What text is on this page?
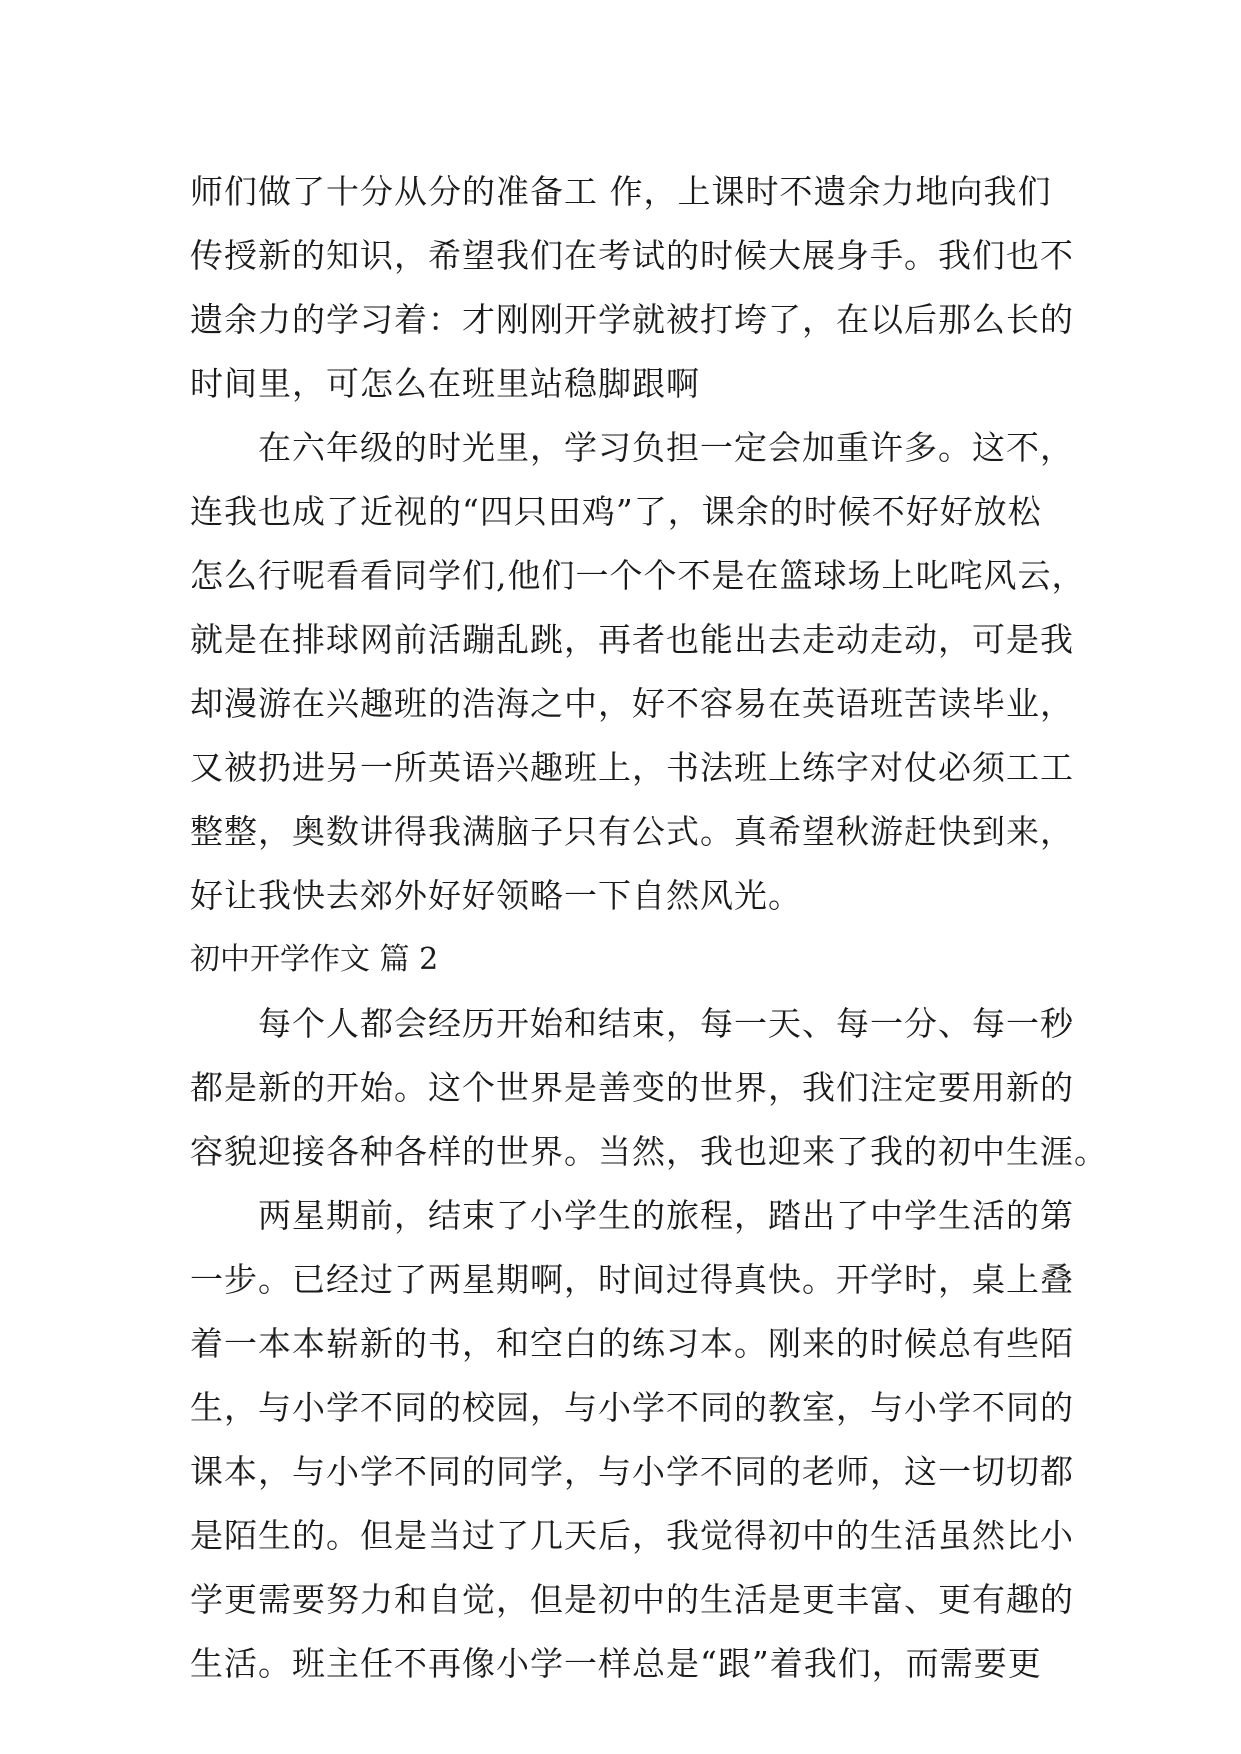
师们做了十分从分的准备工 作，上课时不遗余力地向我们
传授新的知识，希望我们在考试的时候大展身手。我们也不
遗余力的学习着：才刚刚开学就被打垮了，在以后那么长的
时间里，可怎么在班里站稳脚跟啊
在六年级的时光里，学习负担一定会加重许多。这不，
连我也成了近视的“四只田鸡”了，课余的时候不好好放松
怎么行呢看看同学们,他们一个个不是在篮球场上叱咤风云，
就是在排球网前活蹦乱跳，再者也能出去走动走动，可是我
却漫游在兴趣班的浩海之中，好不容易在英语班苦读毕业，
又被扔进另一所英语兴趣班上，书法班上练字对仗必须工工
整整，奥数讲得我满脑子只有公式。真希望秋游赶快到来，
好让我快去郊外好好领略一下自然风光。
初中开学作文 篇 2
每个人都会经历开始和结束，每一天、每一分、每一秒
都是新的开始。这个世界是善变的世界，我们注定要用新的
容貌迎接各种各样的世界。当然，我也迎来了我的初中生涯。
两星期前，结束了小学生的旅程，踏出了中学生活的第
一步。已经过了两星期啊，时间过得真快。开学时，桌上叠
着一本本崭新的书，和空白的练习本。刚来的时候总有些陌
生，与小学不同的校园，与小学不同的教室，与小学不同的
课本，与小学不同的同学，与小学不同的老师，这一切切都
是陌生的。但是当过了几天后，我觉得初中的生活虽然比小
学更需要努力和自觉，但是初中的生活是更丰富、更有趣的
生活。班主任不再像小学一样总是“跟”着我们，而需要更
